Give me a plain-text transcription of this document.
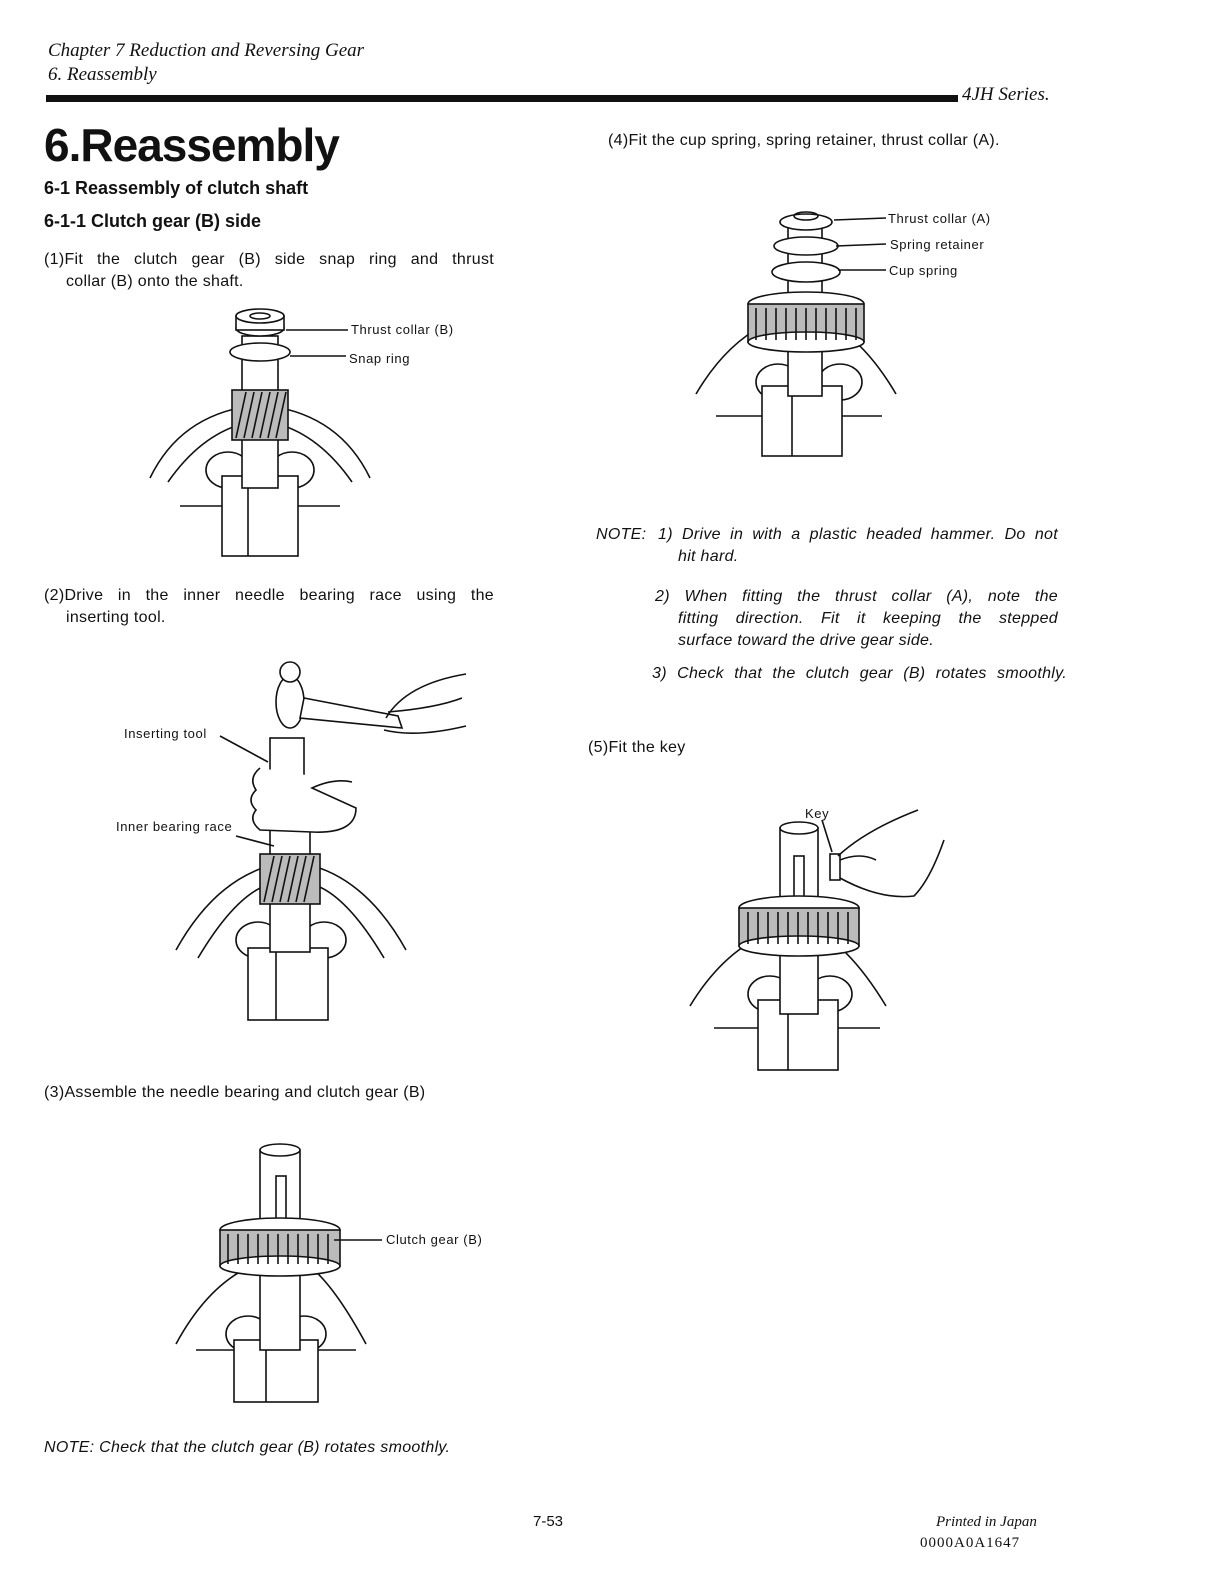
Chapter 7 Reduction and Reversing Gear
6. Reassembly
4JH Series.
6.Reassembly
6-1 Reassembly of clutch shaft
6-1-1 Clutch gear (B) side
(1)Fit the clutch gear (B) side snap ring and thrust
collar (B) onto the shaft.
Thrust collar (B)
Snap ring
(2)Drive in the inner needle bearing race using the
inserting tool.
Inserting tool
Inner bearing race
(3)Assemble the needle bearing and clutch gear (B)
Clutch gear (B)
NOTE: Check that the clutch gear (B) rotates smoothly.
(4)Fit the cup spring, spring retainer, thrust collar (A).
Thrust collar (A)
Spring retainer
Cup spring
NOTE: 1) Drive in with a plastic headed hammer. Do not
hit hard.
2) When fitting the thrust collar (A), note the
fitting direction. Fit it keeping the stepped
surface toward the drive gear side.
3) Check that the clutch gear (B) rotates smoothly.
(5)Fit the key
Key
7-53	Printed in Japan
0000A0A1647
